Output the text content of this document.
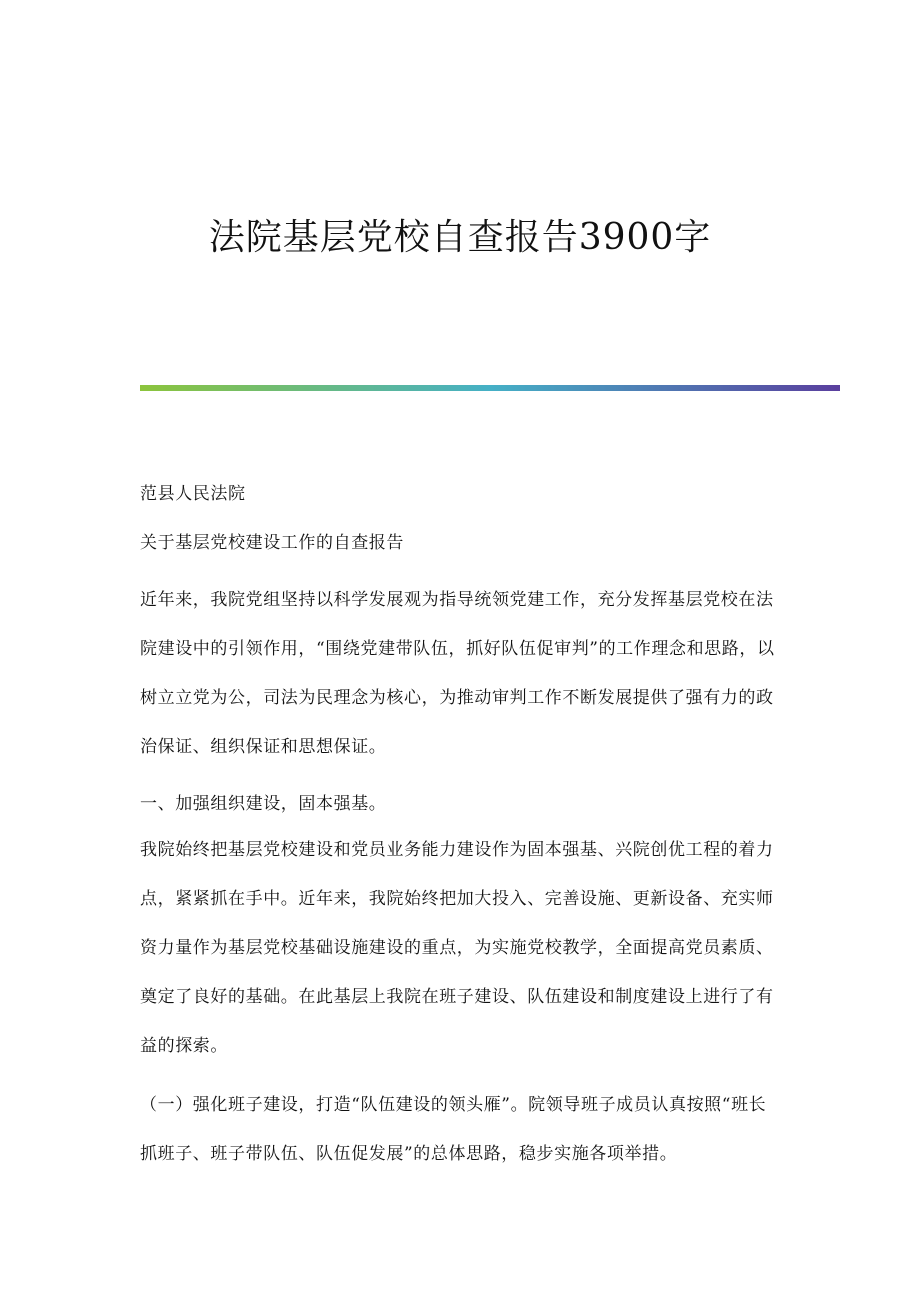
法院基层党校自查报告3900字

范县人民法院

关于基层党校建设工作的自查报告

近年来，我院党组坚持以科学发展观为指导统领党建工作，充分发挥基层党校在法院建设中的引领作用，“围绕党建带队伍，抓好队伍促审判”的工作理念和思路，以树立立党为公，司法为民理念为核心，为推动审判工作不断发展提供了强有力的政治保证、组织保证和思想保证。

一、加强组织建设，固本强基。

我院始终把基层党校建设和党员业务能力建设作为固本强基、兴院创优工程的着力点，紧紧抓在手中。近年来，我院始终把加大投入、完善设施、更新设备、充实师资力量作为基层党校基础设施建设的重点，为实施党校教学，全面提高党员素质、奠定了良好的基础。在此基层上我院在班子建设、队伍建设和制度建设上进行了有益的探索。

（一）强化班子建设，打造“队伍建设的领头雁”。院领导班子成员认真按照“班长抓班子、班子带队伍、队伍促发展”的总体思路，稳步实施各项举措。
